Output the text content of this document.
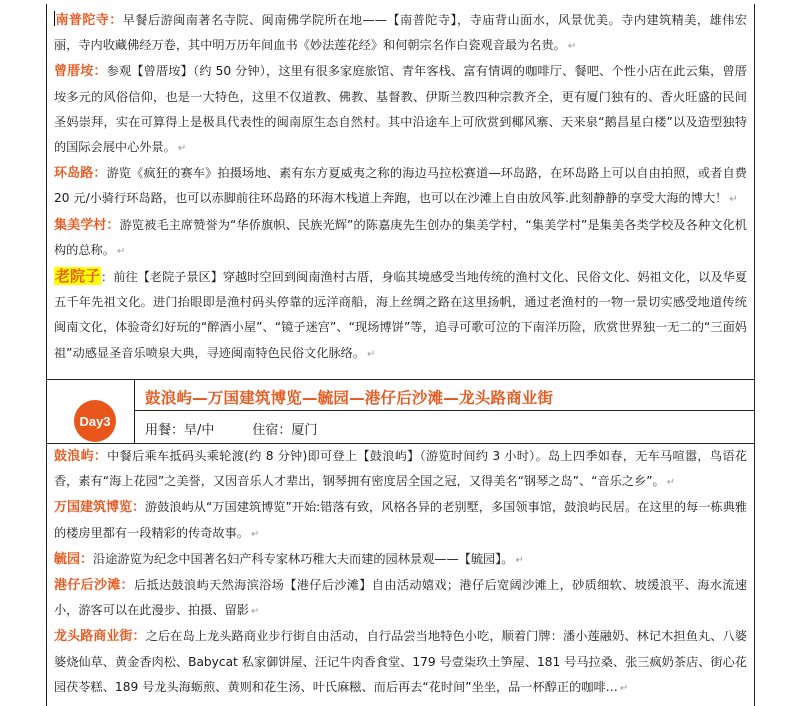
南普陀寺：早餐后游闽南著名寺院、闽南佛学院所在地——【南普陀寺】，寺庙背山面水，风景优美。寺内建筑精美，雄伟宏丽，寺内收藏佛经万卷，其中明万历年间血书《妙法莲花经》和何朝宗名作白瓷观音最为名贵。 ↵

曾厝垵：参观【曾厝垵】（约 50 分钟），这里有很多家庭旅馆、青年客栈、富有情调的咖啡厅、餐吧、个性小店在此云集，曾厝垵多元的风俗信仰，也是一大特色，这里不仅道教、佛教、基督教、伊斯兰教四种宗教齐全，更有厦门独有的、香火旺盛的民间圣妈崇拜，实在可算得上是极具代表性的闽南原生态自然村。其中沿途车上可欣赏到椰风寨、天来泉“鹅昌星白楼”以及造型独特的国际会展中心外景。 ↵

环岛路：游览《疯狂的赛车》拍摄场地、素有东方夏威夷之称的海边马拉松赛道—环岛路，在环岛路上可以自由拍照，或者自费 20 元/小骑行环岛路，也可以赤脚前往环岛路的环海木栈道上奔跑，也可以在沙滩上自由放风筝.此刻静静的享受大海的博大！ ↵

集美学村：游览被毛主席赞誉为“华侨旗帜、民族光辉”的陈嘉庚先生创办的集美学村，“集美学村”是集美各类学校及各种文化机构的总称。 ↵

老院子：前往【老院子景区】穿越时空回到闽南渔村古厝，身临其境感受当地传统的渔村文化、民俗文化、妈祖文化，以及华夏五千年先祖文化。进门抬眼即是渔村码头停靠的远洋商船，海上丝绸之路在这里扬帆，通过老渔村的一物一景切实感受地道传统闽南文化，体验奇幻好玩的“醉酒小屋”、“镜子迷宫”、“现场博饼”等，追寻可歌可泣的下南洋历险，欣赏世界独一无二的“三面妈祖”动感显圣音乐喷泉大典，寻迹闽南特色民俗文化脉络。 ↵

Day3
鼓浪屿—万国建筑博览—毓园—港仔后沙滩—龙头路商业街
用餐：早/中	住宿：厦门

鼓浪屿：中餐后乘车抵码头乘轮渡(约 8 分钟)即可登上【鼓浪屿】（游览时间约 3 小时）。岛上四季如春，无车马喧嚣，鸟语花香，素有“海上花园”之美誉，又因音乐人才辈出，钢琴拥有密度居全国之冠，又得美名“钢琴之岛”、“音乐之乡”。 ↵

万国建筑博览：游鼓浪屿从“万国建筑博览”开始:错落有致，风格各异的老别墅，多国领事馆，鼓浪屿民居。在这里的每一栋典雅的楼房里都有一段精彩的传奇故事。 ↵

毓园：沿途游览为纪念中国著名妇产科专家林巧稚大夫而建的园林景观——【毓园】。 ↵

港仔后沙滩：后抵达鼓浪屿天然海滨浴场【港仔后沙滩】自由活动嬉戏；港仔后宽阔沙滩上，砂质细软、坡缓浪平、海水流速小，游客可以在此漫步、拍摄、留影 ↵

龙头路商业街：之后在岛上龙头路商业步行街自由活动，自行品尝当地特色小吃，顺着门牌：潘小莲融奶、林记木担鱼丸、八婆婆烧仙草、黄金香肉松、Babycat 私家御饼屋、汪记牛肉香食堂、179 号壹柒玖土笋屋、181 号马拉桑、张三疯奶茶店、街心花园茯苓糕、189 号龙头海蛎煎、黄则和花生汤、叶氏麻糍、而后再去“花时间”坐坐，品一杯醇正的咖啡… ↵
